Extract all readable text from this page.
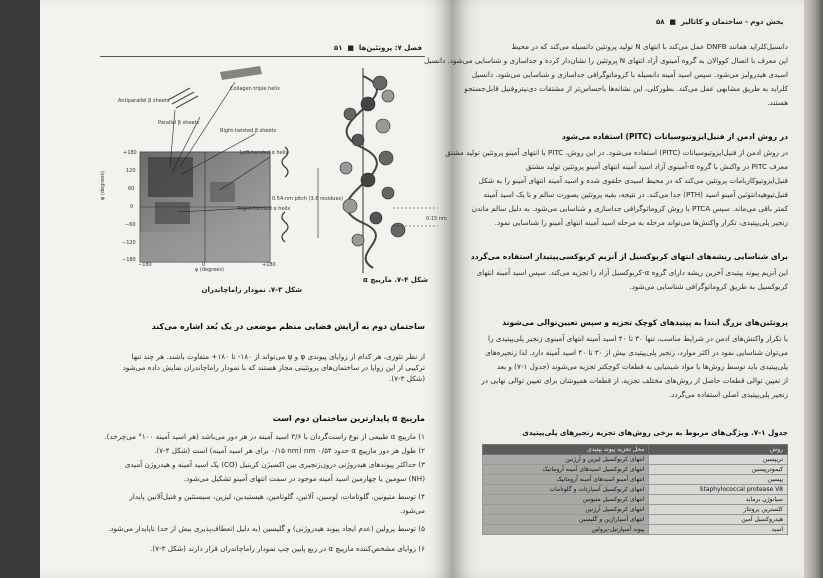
فصل ۷: پروتئين‌ها  ■  ۵۱
Antiparallel β sheets
Parallel β sheets
Collagen triple helix
Right-twisted β sheets
Left-handed α helix
Right-handed α helix
ψ (degrees)
φ (degrees)
+180
120
60
0
−60
−120
−180
−180	0	+180
شکل ۳-۷. نمودار راماچاندران
0.54-nm pitch (3.6 residues)
0.15 nm
شکل ۴-۷. ماربیچ α
ساختمان دوم به آرایش فضایی منظم موضعی در یک بُعد اشاره می‌کند
از نظر تئوری، هر کدام از زوایای پیوندی φ و ψ می‌تواند از ۱۸۰- تا ۱۸۰+ متفاوت باشند. هر چند تنها
ترکیبی از این زوایا در ساختمان‌های پروتئینی مجاز هستند که با نمودار راماچاندران نمایش داده می‌شود
(شکل ۳-۷).
مارپیچ α پایدارترین ساختمان دوم است
۱) مارپیچ α طبیعی از نوع راست‌گردان با ۳/۶ اسید آمینه در هر دور می‌باشد (هر اسید آمینه ۱۰۰° می‌چرخد).
۲) طول هر دور مارپیچ α حدود ۰/۵۴ nm (۰/۱۵ nm برای هر اسید آمینه) است (شکل ۴-۷).
۳) حداکثر پیوندهای هیدروژنی درون‌زنجیری بین اکسیژن کربنیل (CO) یک اسید آمینه و هیدروژن آمیدی
(NH) سومین یا چهارمین اسید آمینه موجود در سمت انتهای آمینو تشکیل می‌شود.
۴) توسط متیونین، گلوتامات، لوسین، آلانین، گلوتامین، هیستیدین، لیزین، سیستئین و فنیل‌آلانین پایدار
می‌شود.
۵) توسط پرولین (عدم ایجاد پیوند هیدروژنی) و گلیسین (به دلیل انعطاف‌پذیری بیش از حد) ناپایدار می‌شود.
۶) زوایای مشخص‌کننده مارپیچ α در ربع پایین چپ نمودار راماچاندران قرار دارند (شکل ۳-۷).
۵۸  ■  بخش دوم - ساختمان و کاتالیز
دانسیل‌کلراید همانند DNFB عمل می‌کند با انتهای N تولید پروتئین دانسیله می‌کند که در محیط
این معرف با اتصال کووالان به گروه آمینوی آزاد انتهای N پروتئین را نشان‌دار کرده و جداسازی و شناسایی می‌شود. دانسیل
اسیدی هیدرولیز می‌شود. سپس اسید آمینه دانسیله با کروماتوگرافی جداسازی و شناسایی می‌شود. دانسیل
کلراید به طریق مشابهی عمل می‌کند. بطورکلی، این نشانه‌ها با‌حساس‌تر از مشتقات دی‌نیتروفنیل قابل‌جستجو
هستند.
در روش ادمن از فنیل‌ایزوتیوسیانات (PITC) استفاده می‌شود
در روش ادمن از فنیل‌ایزوتیوسیانات (PITC) استفاده می‌شود. در این روش، PITC با انتهای آمینو پروتئین تولید مشتق
معرف PITC در واکنش با گروه α-آمینوی آزاد اسید آمینه انتهای آمینو پروتئین تولید مشتق
فنیل‌ایزوتیوکاربامات پروتئین می‌کند که در محیط اسیدی حلقوی شده و اسید آمینه انتهای آمینو را به شکل
فنیل‌تیوهیدانتوئین آمینو اسید (PTH) جدا می‌کند. در نتیجه، بقیه پروتئین بصورت سالم و با یک اسید آمینه
کمتر باقی می‌ماند. سپس PTCA با روش کروماتوگرافی جداسازی و شناسایی می‌شود. به دلیل سالم ماندن
زنجیر پلی‌پپتیدی، تکرار واکنش‌ها می‌تواند مرحله به مرحله اسید آمینه انتهای آمینو را شناسایی نمود.
برای شناسایی ریشه‌های انتهای کربوکسیل از آنزیم کربوکسی‌پپتیداز استفاده می‌گردد
این آنزیم پیوند پپتیدی آخرین ریشه دارای گروه α-کربوکسیل آزاد را تجزیه می‌کند. سپس اسید آمینه انتهای
کربوکسیل به طریق کروماتوگرافی شناسایی می‌شود.
پروتئین‌های بزرگ ابتدا به پپتیدهای کوچک تجزیه و سپس تعیین‌توالی می‌شوند
با تکرار واکنش‌های ادمن در شرایط مناسب، تنها ۳۰ تا ۴۰ اسید آمینه انتهای آمینوی زنجیر پلی‌پپتیدی را
می‌توان شناسایی نمود در اکثر موارد، زنجیر پلی‌پپتیدی بیش از ۳۰ تا ۴۰ اسید آمینه دارد. لذا زنجیره‌های
پلی‌پپتیدی باید توسط روش‌ها یا مواد شیمیایی به قطعات کوچکتر تجزیه می‌شوند (جدول ۱-۷) و بعد
از تعیین توالی قطعات حاصل از روش‌های مختلف تجزیه، از قطعات همپوشان برای تعیین توالی نهایی در
زنجیر پلی‌پپتیدی اصلی استفاده می‌گردد.
جدول ۱-۷. ویژگی‌های مربوط به برخی روش‌های تجزیه زنجیرهای پلی‌پپتیدی
روش	محل تجزیه پیوند پپتیدی
تریپسین	انتهای کربوکسیل لیزین و آرژنین
کیموتریپسین	انتهای کربوکسیل اسیدهای آمینه آروماتیک
پپسین	انتهای آمینو اسیدهای آمینه آروماتیک
Staphylococcal protease V8	انتهای کربوکسیل آسپارتات و گلوتامات
سیانوژن برماید	انتهای کربوکسیل متیونین
کلسترین پروتئاز	انتهای کربوکسیل آرژنین
هیدروکسیل آمین	انتهای آسپاراژین و گلیسین
اسید	پیوند آسپارتیل-پرولین
